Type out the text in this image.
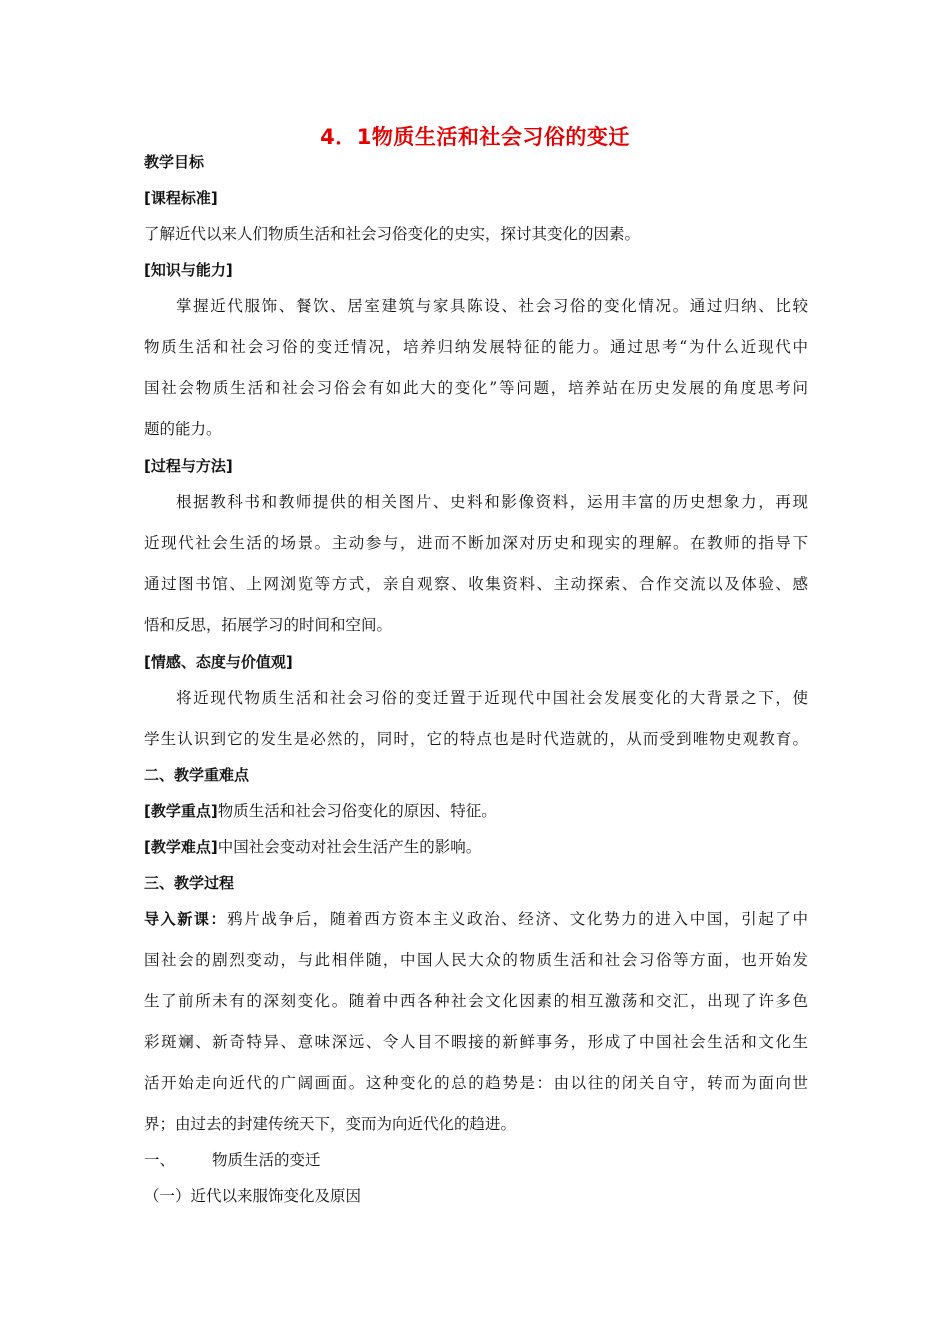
4．1物质生活和社会习俗的变迁
教学目标
[课程标准]
了解近代以来人们物质生活和社会习俗变化的史实，探讨其变化的因素。
[知识与能力]
掌握近代服饰、餐饮、居室建筑与家具陈设、社会习俗的变化情况。通过归纳、比较
物质生活和社会习俗的变迁情况，培养归纳发展特征的能力。通过思考“为什么近现代中
国社会物质生活和社会习俗会有如此大的变化”等问题，培养站在历史发展的角度思考问
题的能力。
[过程与方法]
根据教科书和教师提供的相关图片、史料和影像资料，运用丰富的历史想象力，再现
近现代社会生活的场景。主动参与，进而不断加深对历史和现实的理解。在教师的指导下
通过图书馆、上网浏览等方式，亲自观察、收集资料、主动探索、合作交流以及体验、感
悟和反思，拓展学习的时间和空间。
[情感、态度与价值观]
将近现代物质生活和社会习俗的变迁置于近现代中国社会发展变化的大背景之下，使
学生认识到它的发生是必然的，同时，它的特点也是时代造就的，从而受到唯物史观教育。
二、教学重难点
[教学重点]物质生活和社会习俗变化的原因、特征。
[教学难点]中国社会变动对社会生活产生的影响。
三、教学过程
导入新课：鸦片战争后，随着西方资本主义政治、经济、文化势力的进入中国，引起了中
国社会的剧烈变动，与此相伴随，中国人民大众的物质生活和社会习俗等方面，也开始发
生了前所未有的深刻变化。随着中西各种社会文化因素的相互激荡和交汇，出现了许多色
彩斑斓、新奇特异、意味深远、令人目不暇接的新鲜事务，形成了中国社会生活和文化生
活开始走向近代的广阔画面。这种变化的总的趋势是：由以往的闭关自守，转而为面向世
界；由过去的封建传统天下，变而为向近代化的趋进。
一、 物质生活的变迁
（一）近代以来服饰变化及原因
